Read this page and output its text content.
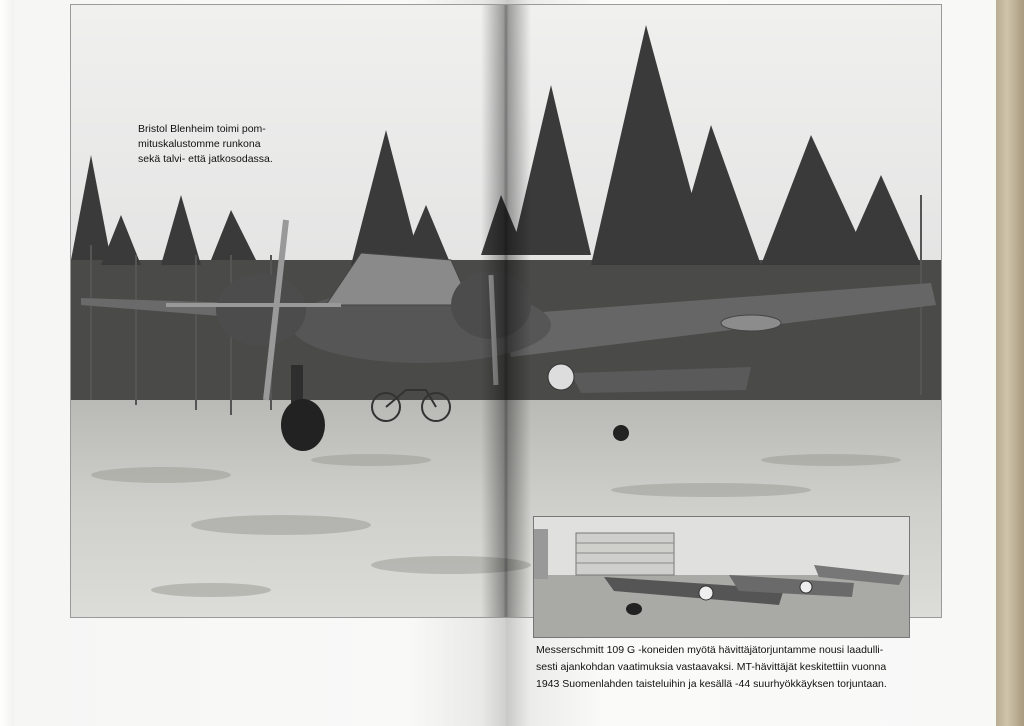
Bristol Blenheim toimi pom-
mituskalustomme runkona
sekä talvi- että jatkosodassa.
Messerschmitt 109 G -koneiden myötä hävittäjätorjuntamme nousi laadulli-
sesti ajankohdan vaatimuksia vastaavaksi. MT-hävittäjät keskitettiin vuonna
1943 Suomenlahden taisteluihin ja kesällä -44 suurhyökkäyksen torjuntaan.
